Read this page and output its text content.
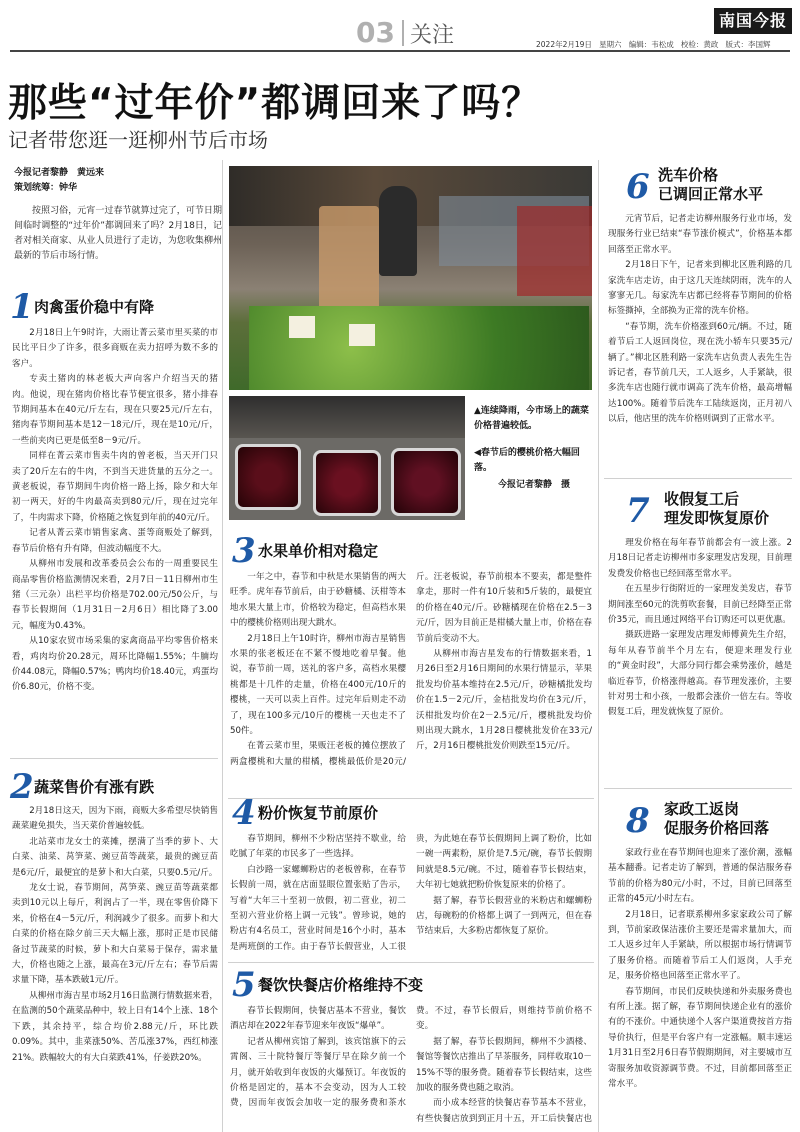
03 关注
南国今报
2022年2月19日 星期六 编辑：韦松成 校检：黄政 版式：李国辉
那些“过年价”都调回来了吗？
记者带您逛一逛柳州节后市场
今报记者黎静　黄远来
策划统筹：钟华
按照习俗，元宵一过春节就算过完了，可节日期间临时调整的“过年价”都调回来了吗？2月18日，记者对相关商家、从业人员进行了走访，为您收集柳州最新的节后市场行情。
▲连续降雨，今市场上的蔬菜价格普遍较低。
◀春节后的樱桃价格大幅回落。
今报记者黎静　摄
1 肉禽蛋价稳中有降

2月18日上午9时许，大雨让菁云菜市里买菜的市民比平日少了许多，很多商贩在卖力招呼为数不多的客户。

专卖土猪肉的林老板大声向客户介绍当天的猪肉。他说，现在猪肉价格比春节便宜很多，猪小排春节期间基本在40元/斤左右，现在只要25元/斤左右，猪肉春节期间基本是12－18元/斤，现在是10元/斤，一些前夹肉已更是低至8－9元/斤。

同样在菁云菜市售卖牛肉的曾老板，当天开门只卖了20斤左右的牛肉，不到当天进货量的五分之一。黄老板说，春节期间牛肉价格一路上扬，除夕和大年初一两天，好的牛肉最高卖到80元/斤，现在过完年了，牛肉需求下降，价格随之恢复到年前的40元/斤。

记者从菁云菜市销售家禽、蛋等商贩处了解到，春节后价格有升有降，但波动幅度不大。

从柳州市发展和改革委员会公布的一周重要民生商品零售价格监测情况来看，2月7日－11日柳州市生猪（三元杂）出栏平均价格是702.00元/50公斤，与春节长假期间（1月31日－2月6日）相比降了3.00元，幅度为0.43%。

从10家农贸市场采集的家禽商品平均零售价格来看，鸡肉均价20.28元，周环比降幅1.55%；牛腩均价44.08元，降幅0.57%；鸭肉均价18.40元，鸡蛋均价6.80元，价格不变。

2 蔬菜售价有涨有跌

2月18日这天，因为下雨，商贩大多希望尽快销售蔬菜避免损失，当天菜价普遍较低。

北站菜市龙女士的菜摊，摆满了当季的萝卜、大白菜、油菜、莴笋菜、豌豆苗等蔬菜，最贵的豌豆苗是6元/斤，最便宜的是萝卜和大白菜，只要0.5元/斤。

龙女士说，春节期间，莴笋菜、豌豆苗等蔬菜都卖到10元以上每斤，利润占了一半，现在零售价降下来，价格在4－5元/斤，利润减少了很多。而萝卜和大白菜的价格在除夕前三天大幅上涨，那时正是市民储备过节蔬菜的时候，萝卜和大白菜易于保存，需求量大，价格也随之上涨，最高在3元/斤左右；春节后需求量下降，基本跌破1元/斤。

从柳州市海吉星市场2月16日监测行情数据来看，在监测的50个蔬菜品种中，较上日有14个上涨、18个下跌，其余持平，综合均价2.88元/斤，环比跌0.09%。其中，韭菜涨50%、苦瓜涨37%，西红柿涨21%。跌幅较大的有大白菜跌41%，仔姜跌20%。

3 水果单价相对稳定

一年之中，春节和中秋是水果销售的两大旺季。虎年春节前后，由于砂糖橘、沃柑等本地水果大量上市，价格较为稳定，但高档水果中的樱桃价格则出现大跳水。

2月18日上午10时许，柳州市海吉星销售水果的张老板还在不紧不慢地吃着早餐。他说，春节前一周，送礼的客户多，高档水果樱桃都是十几件的走量，价格在400元/10斤的樱桃，一天可以卖上百件。过完年后则走不动了，现在100多元/10斤的樱桃一天也走不了50件。

在菁云菜市里，果贩汪老板的摊位摆放了两盒樱桃和大量的柑橘，樱桃最低价是20元/斤。汪老板说，春节前根本不要卖，都是整件拿走，那时一件有10斤装和5斤装的，最便宜的价格在40元/斤。砂糖橘现在价格在2.5－3元/斤，因为目前正是柑橘大量上市，价格在春节前后变动不大。

从柳州市海吉星发布的行情数据来看，1月26日至2月16日期间的水果行情显示，苹果批发均价基本维持在2.5元/斤，砂糖橘批发均价在1.5－2元/斤，金桔批发均价在3元/斤，沃柑批发均价在2－2.5元/斤，樱桃批发均价则出现大跳水，1月28日樱桃批发价在33元/斤，2月16日樱桃批发价则跌至15元/斤。

4 粉价恢复节前原价

春节期间，柳州不少粉店坚持不歇业，给吃腻了年菜的市民多了一些选择。

白沙路一家螺蛳粉店的老板曾称，在春节长假前一周，就在店面显眼位置张贴了告示，写着“大年三十至初一放假，初二营业，初二至初六营业价格上调一元钱”。曾珍说，她的粉店有4名员工，营业时间是16个小时，基本是两班倒的工作。由于春节长假营业，人工很贵，为此她在春节长假期间上调了粉价，比如一碗一两素粉，原价是7.5元/碗，春节长假期间就是8.5元/碗。不过，随着春节长假结束，大年初七她就把粉价恢复原来的价格了。

据了解，春节长假营业的米粉店和螺蛳粉店，每碗粉的价格都上调了一到两元，但在春节结束后，大多粉店都恢复了原价。

5 餐饮快餐店价格维持不变

春节长假期间，快餐店基本不营业，餐饮酒店却在2022年春节迎来年夜饭“爆单”。

记者从柳州宾馆了解到，该宾馆旗下的云霄阁、三十院特餐厅等餐厅早在除夕前一个月，就开始收到年夜饭的火爆预订。年夜饭的价格是固定的，基本不会变动，因为人工较费，因而年夜饭会加收一定的服务费和茶水费。不过，春节长假后，则维持节前价格不变。

据了解，春节长假期间，柳州不少酒楼、餐馆等餐饮店推出了早茶服务，同样收取10－15%不等的服务费。随着春节长假结束，这些加收的服务费也随之取消。

而小成本经营的快餐店春节基本不营业，有些快餐店放到到正月十五，开工后快餐店也

6 洗车价格
已调回正常水平

元宵节后，记者走访柳州服务行业市场，发现服务行业已结束“春节涨价模式”，价格基本都回落至正常水平。

2月18日下午，记者来到柳北区胜利路的几家洗车店走访，由于这几天连续阴雨，洗车的人寥寥无几。每家洗车店都已经将春节期间的价格标签撕掉，全部换为正常的洗车价格。

“春节期，洗车价格涨到60元/辆。不过，随着节后工人返回岗位，现在洗小轿车只要35元/辆了。”柳北区胜利路一家洗车店负责人表先生告诉记者，春节前几天，工人返乡，人手紧缺，很多洗车店也随行就市调高了洗车价格，最高增幅达100%。随着节后洗车工陆续返岗，正月初八以后，他店里的洗车价格则调到了正常水平。

7 收假复工后
理发即恢复原价

理发价格在每年春节前都会有一波上涨。2月18日记者走访柳州市多家理发店发现，目前理发费发价格也已经回落至常水平。

在五星步行街附近的一家理发美发店，春节期间涨至60元的洗剪吹套餐，目前已经降至正常价35元，而且通过网络平台订购还可以更优惠。

摄跃进路一家理发店理发师傅黄先生介绍，每年从春节前半个月左右，便迎来理发行业的“黄金时段”，大部分同行都会乘势涨价，越是临近春节，价格涨得越高。春节理发涨价，主要针对男士和小孩，一般都会涨价一倍左右。等收假复工后，理发就恢复了原价。

8 家政工返岗
促服务价格回落

家政行业在春节期间也迎来了涨价潮，涨幅基本翻番。记者走访了解到，普通的保洁服务春节前的价格为80元/小时，不过，目前已回落至正常的45元/小时左右。

2月18日，记者联系柳州多家家政公司了解到，节前家政保洁涨价主要还是需求量加大，而工人返乡过年人手紧缺，所以根据市场行情调节了服务价格。而随着节后工人们返岗，人手充足，服务价格也回落至正常水平了。

春节期间，市民们反映快递和外卖服务费也有所上涨。据了解，春节期间快递企业有的涨价有的不涨价。中通快递个人客户渠道费按首方指导价执行，但是平台客户有一定涨幅。顺丰速运1月31日至2月6日春节假期期间，对主要城市互寄服务加收资源调节费。不过，目前都回落至正常水平。
